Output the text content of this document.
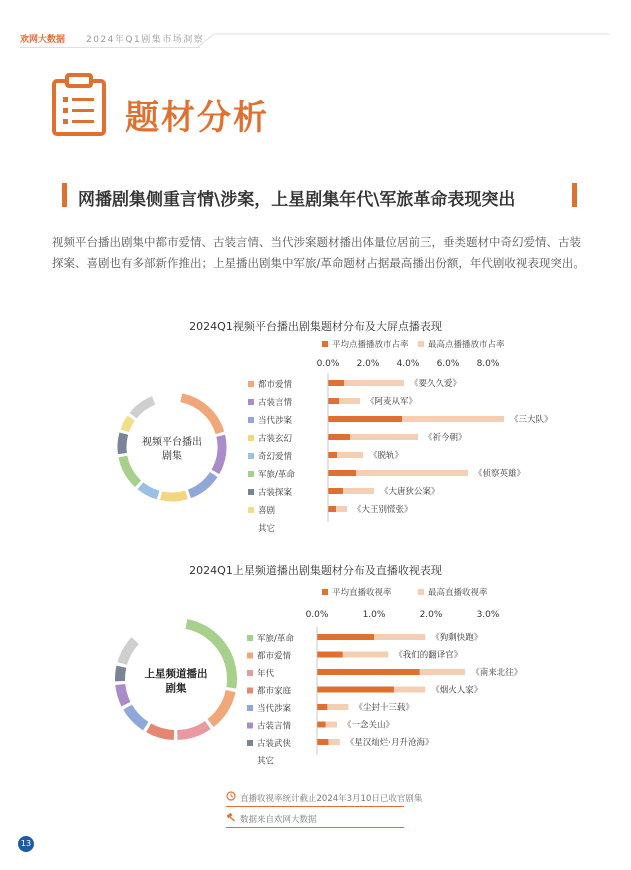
欢网大数据 2024年Q1剧集市场洞察
题材分析
网播剧集侧重言情\涉案，上星剧集年代\军旅革命表现突出
视频平台播出剧集中都市爱情、古装言情、当代涉案题材播出体量位居前三，垂类题材中奇幻爱情、古装探案、喜剧也有多部新作推出；上星播出剧集中军旅/革命题材占据最高播出份额，年代剧收视表现突出。
2024Q1视频平台播出剧集题材分布及大屏点播表现
平均点播播放市占率 最高点播播放市占率
0.0% 2.0% 4.0% 6.0% 8.0%
视频平台播出
剧集
都市爱情	《要久久爱》
古装言情	《阿麦从军》
当代涉案	《三大队》
古装玄幻	《祈今朝》
奇幻爱情	《脱轨》
军旅/革命	《侦察英雄》
古装探案	《大唐狄公案》
喜剧	《大王别慌张》
其它
2024Q1上星频道播出剧集题材分布及直播收视表现
平均直播收视率	最高直播收视率
0.0%	1.0%	2.0%	3.0%
上星频道播出
剧集
军旅/革命	《狗剩快跑》
都市爱情	《我们的翻译官》
年代	《南来北往》
都市家庭	《烟火人家》
当代涉案	《尘封十三载》
古装言情	《一念关山》
古装武侠	《星汉灿烂·月升沧海》
其它
直播收视率统计截止2024年3月10日已收官剧集
数据来自欢网大数据
13
